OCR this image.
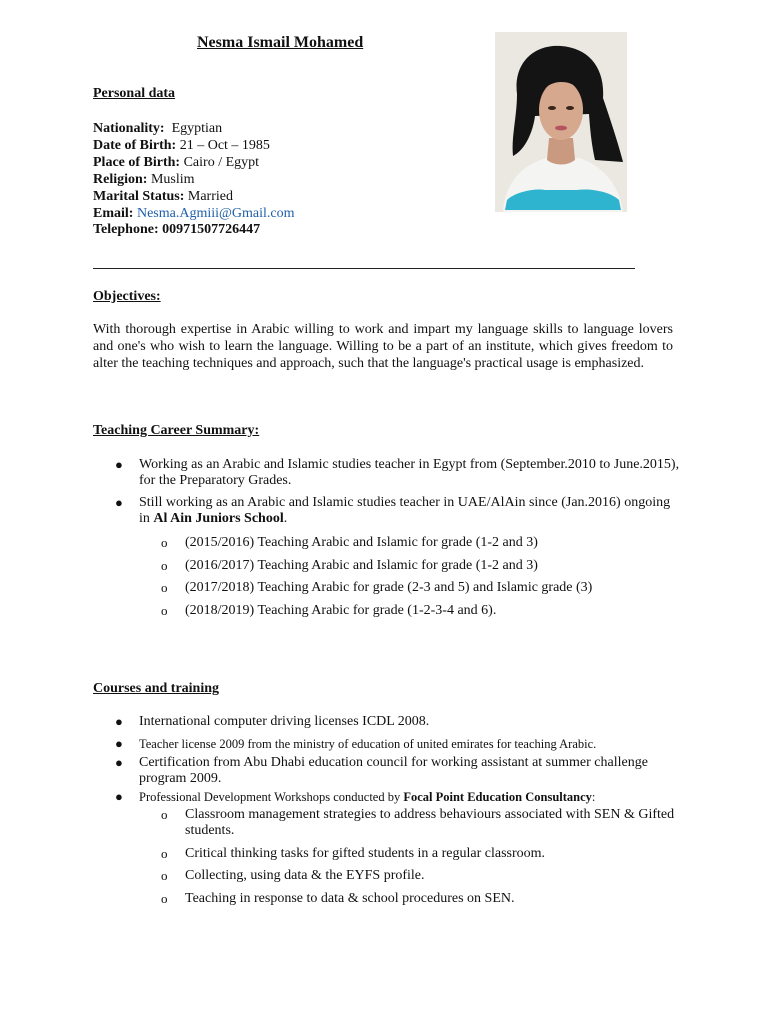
Nesma Ismail Mohamed
Personal data
Nationality: Egyptian
Date of Birth: 21 – Oct – 1985
Place of Birth: Cairo / Egypt
Religion: Muslim
Marital Status: Married
Email: Nesma.Agmiii@Gmail.com
Telephone: 00971507726447
Objectives:
With thorough expertise in Arabic willing to work and impart my language skills to language lovers and one's who wish to learn the language. Willing to be a part of an institute, which gives freedom to alter the teaching techniques and approach, such that the language's practical usage is emphasized.
Teaching Career Summary:
● Working as an Arabic and Islamic studies teacher in Egypt from (September.2010 to June.2015), for the Preparatory Grades.
● Still working as an Arabic and Islamic studies teacher in UAE/AlAin since (Jan.2016) ongoing in Al Ain Juniors School.
o (2015/2016) Teaching Arabic and Islamic for grade (1-2 and 3)
o (2016/2017) Teaching Arabic and Islamic for grade (1-2 and 3)
o (2017/2018) Teaching Arabic for grade (2-3 and 5) and Islamic grade (3)
o (2018/2019) Teaching Arabic for grade (1-2-3-4 and 6).
Courses and training
● International computer driving licenses ICDL 2008.
● Teacher license 2009 from the ministry of education of united emirates for teaching Arabic.
● Certification from Abu Dhabi education council for working assistant at summer challenge program 2009.
● Professional Development Workshops conducted by Focal Point Education Consultancy:
o Classroom management strategies to address behaviours associated with SEN & Gifted students.
o Critical thinking tasks for gifted students in a regular classroom.
o Collecting, using data & the EYFS profile.
o Teaching in response to data & school procedures on SEN.
